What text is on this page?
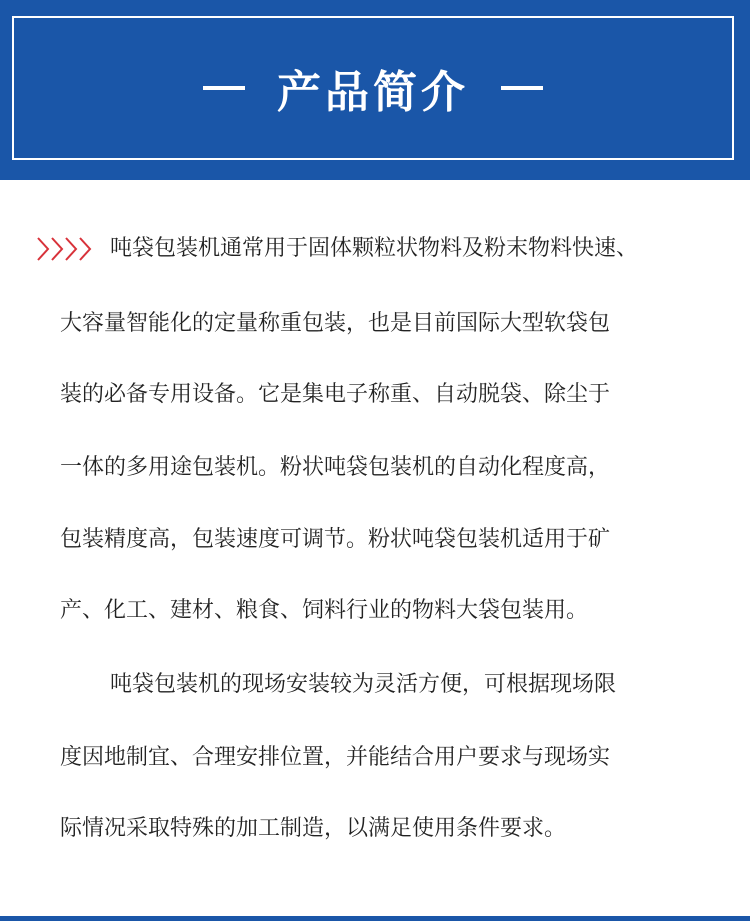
产品简介
吨袋包装机通常用于固体颗粒状物料及粉末物料快速、
大容量智能化的定量称重包装，也是目前国际大型软袋包
装的必备专用设备。它是集电子称重、自动脱袋、除尘于
一体的多用途包装机。粉状吨袋包装机的自动化程度高，
包装精度高，包装速度可调节。粉状吨袋包装机适用于矿
产、化工、建材、粮食、饲料行业的物料大袋包装用。
吨袋包装机的现场安装较为灵活方便，可根据现场限
度因地制宜、合理安排位置，并能结合用户要求与现场实
际情况采取特殊的加工制造，以满足使用条件要求。
